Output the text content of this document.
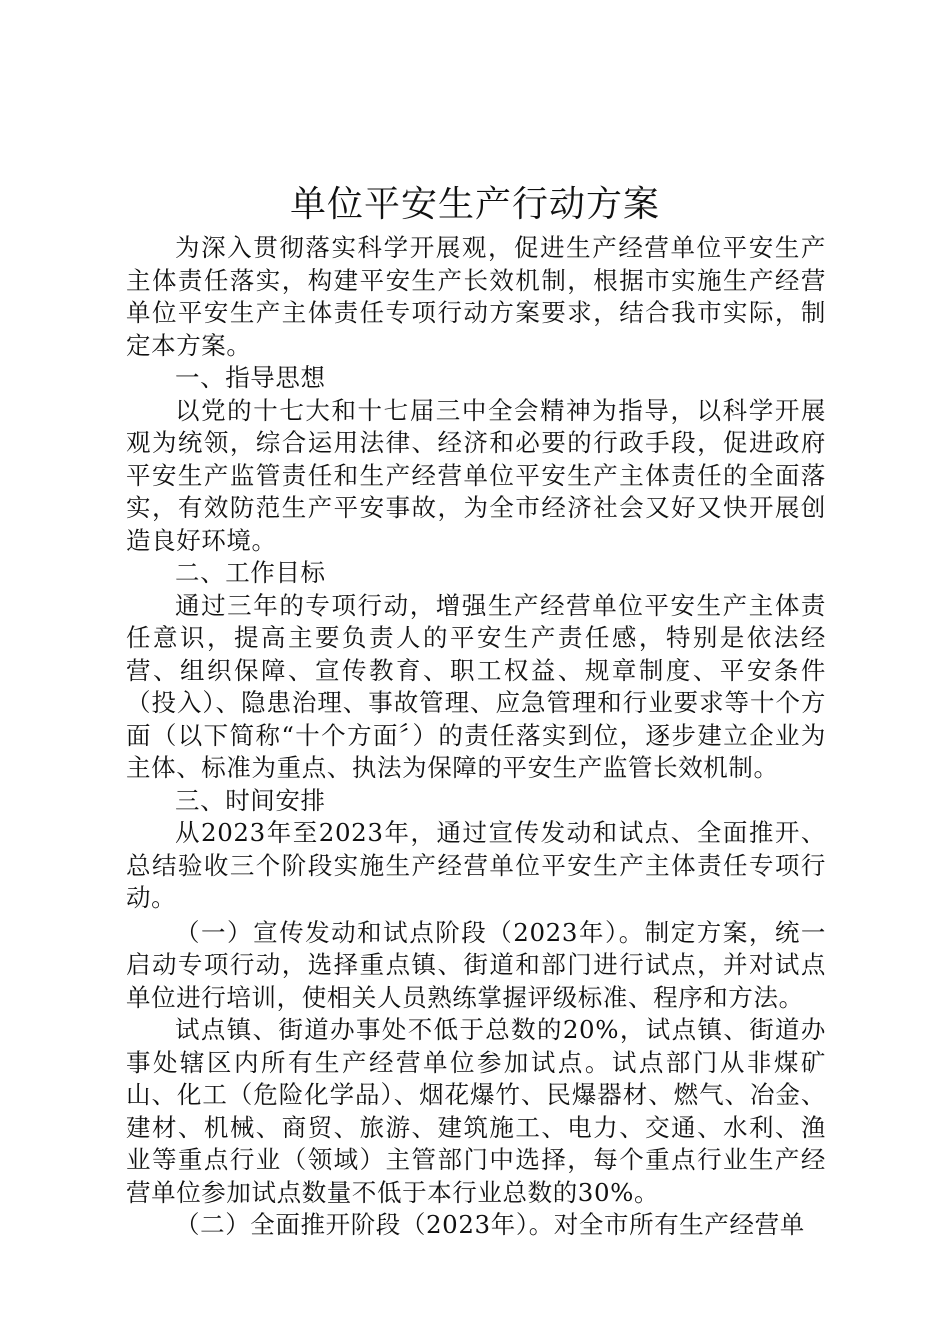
单位平安生产行动方案

为深入贯彻落实科学开展观，促进生产经营单位平安生产主体责任落实，构建平安生产长效机制，根据市实施生产经营单位平安生产主体责任专项行动方案要求，结合我市实际，制定本方案。

一、指导思想

以党的十七大和十七届三中全会精神为指导，以科学开展观为统领，综合运用法律、经济和必要的行政手段，促进政府平安生产监管责任和生产经营单位平安生产主体责任的全面落实，有效防范生产平安事故，为全市经济社会又好又快开展创造良好环境。

二、工作目标

通过三年的专项行动，增强生产经营单位平安生产主体责任意识，提高主要负责人的平安生产责任感，特别是依法经营、组织保障、宣传教育、职工权益、规章制度、平安条件（投入）、隐患治理、事故管理、应急管理和行业要求等十个方面（以下简称“十个方面〞）的责任落实到位，逐步建立企业为主体、标准为重点、执法为保障的平安生产监管长效机制。

三、时间安排

从2023年至2023年，通过宣传发动和试点、全面推开、总结验收三个阶段实施生产经营单位平安生产主体责任专项行动。

（一）宣传发动和试点阶段（2023年）。制定方案，统一启动专项行动，选择重点镇、街道和部门进行试点，并对试点单位进行培训，使相关人员熟练掌握评级标准、程序和方法。

试点镇、街道办事处不低于总数的20%，试点镇、街道办事处辖区内所有生产经营单位参加试点。试点部门从非煤矿山、化工（危险化学品）、烟花爆竹、民爆器材、燃气、冶金、建材、机械、商贸、旅游、建筑施工、电力、交通、水利、渔业等重点行业（领域）主管部门中选择，每个重点行业生产经营单位参加试点数量不低于本行业总数的30%。

（二）全面推开阶段（2023年）。对全市所有生产经营单
